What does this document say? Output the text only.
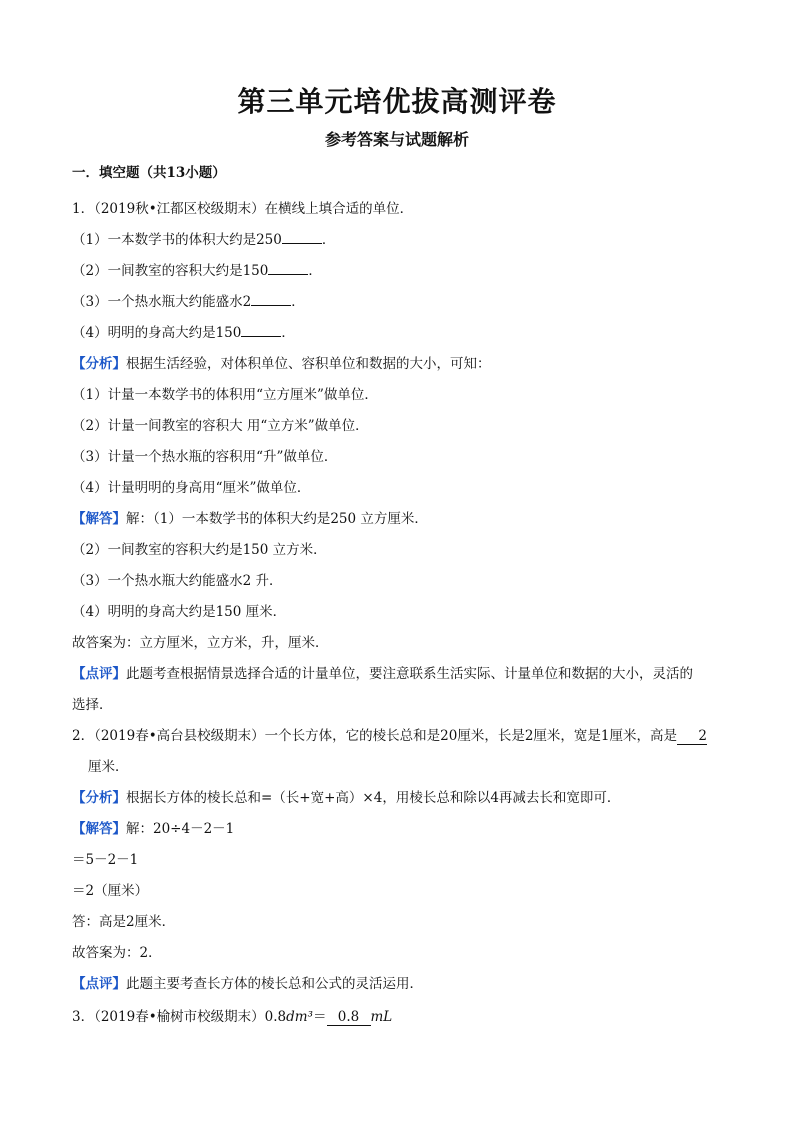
第三单元培优拔高测评卷
参考答案与试题解析
一．填空题（共13小题）
1．（2019秋•江都区校级期末）在横线上填合适的单位．
（1）一本数学书的体积大约是250	．
（2）一间教室的容积大约是150	．
（3）一个热水瓶大约能盛水2	．
（4）明明的身高大约是150	．
【分析】根据生活经验，对体积单位、容积单位和数据的大小，可知：
（1）计量一本数学书的体积用“立方厘米”做单位．
（2）计量一间教室的容积大 用“立方米”做单位．
（3）计量一个热水瓶的容积用“升”做单位．
（4）计量明明的身高用“厘米”做单位．
【解答】解：（1）一本数学书的体积大约是250 立方厘米．
（2）一间教室的容积大约是150 立方米．
（3）一个热水瓶大约能盛水2 升．
（4）明明的身高大约是150 厘米．
故答案为：立方厘米，立方米，升，厘米．
【点评】此题考查根据情景选择合适的计量单位，要注意联系生活实际、计量单位和数据的大小，灵活的
选择．
2．（2019春•高台县校级期末）一个长方体，它的棱长总和是20厘米，长是2厘米，宽是1厘米，高是 2
厘米．
【分析】根据长方体的棱长总和=（长+宽+高）×4，用棱长总和除以4再减去长和宽即可．
【解答】解：20÷4－2－1
＝5－2－1
＝2（厘米）
答：高是2厘米．
故答案为：2．
【点评】此题主要考查长方体的棱长总和公式的灵活运用．
3．（2019春•榆树市校级期末）0.8dm³＝ 0.8 mL
